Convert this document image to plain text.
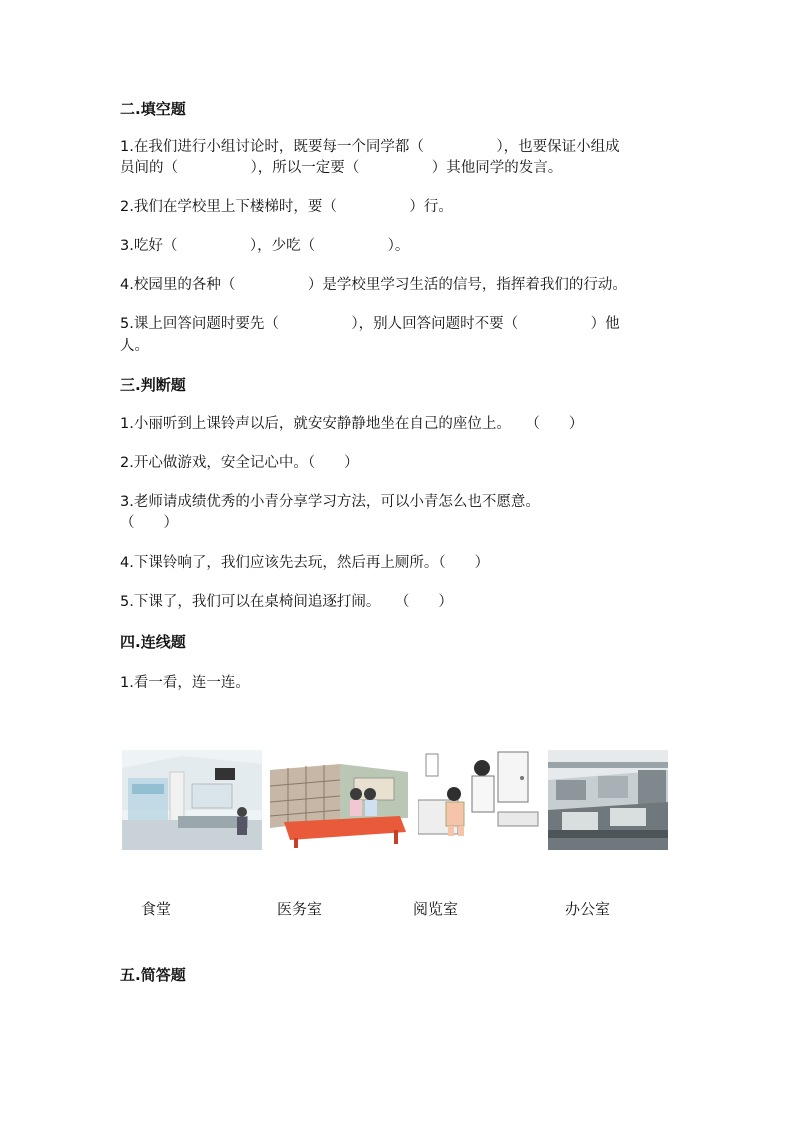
二.填空题
1.在我们进行小组讨论时，既要每一个同学都（　　　　　），也要保证小组成
员间的（　　　　　），所以一定要（　　　　　）其他同学的发言。
2.我们在学校里上下楼梯时，要（　　　　　）行。
3.吃好（　　　　　），少吃（　　　　　）。
4.校园里的各种（　　　　　）是学校里学习生活的信号，指挥着我们的行动。
5.课上回答问题时要先（　　　　　），别人回答问题时不要（　　　　　）他
人。
三.判断题
1.小丽听到上课铃声以后，就安安静静地坐在自己的座位上。　　（　　）
2.开心做游戏，安全记心中。（　　）
3.老师请成绩优秀的小青分享学习方法，可以小青怎么也不愿意。
（　　）
4.下课铃响了，我们应该先去玩，然后再上厕所。（　　）
5.下课了，我们可以在桌椅间追逐打闹。　　（　　）
四.连线题
1.看一看，连一连。
食堂	医务室	阅览室	办公室
五.简答题
